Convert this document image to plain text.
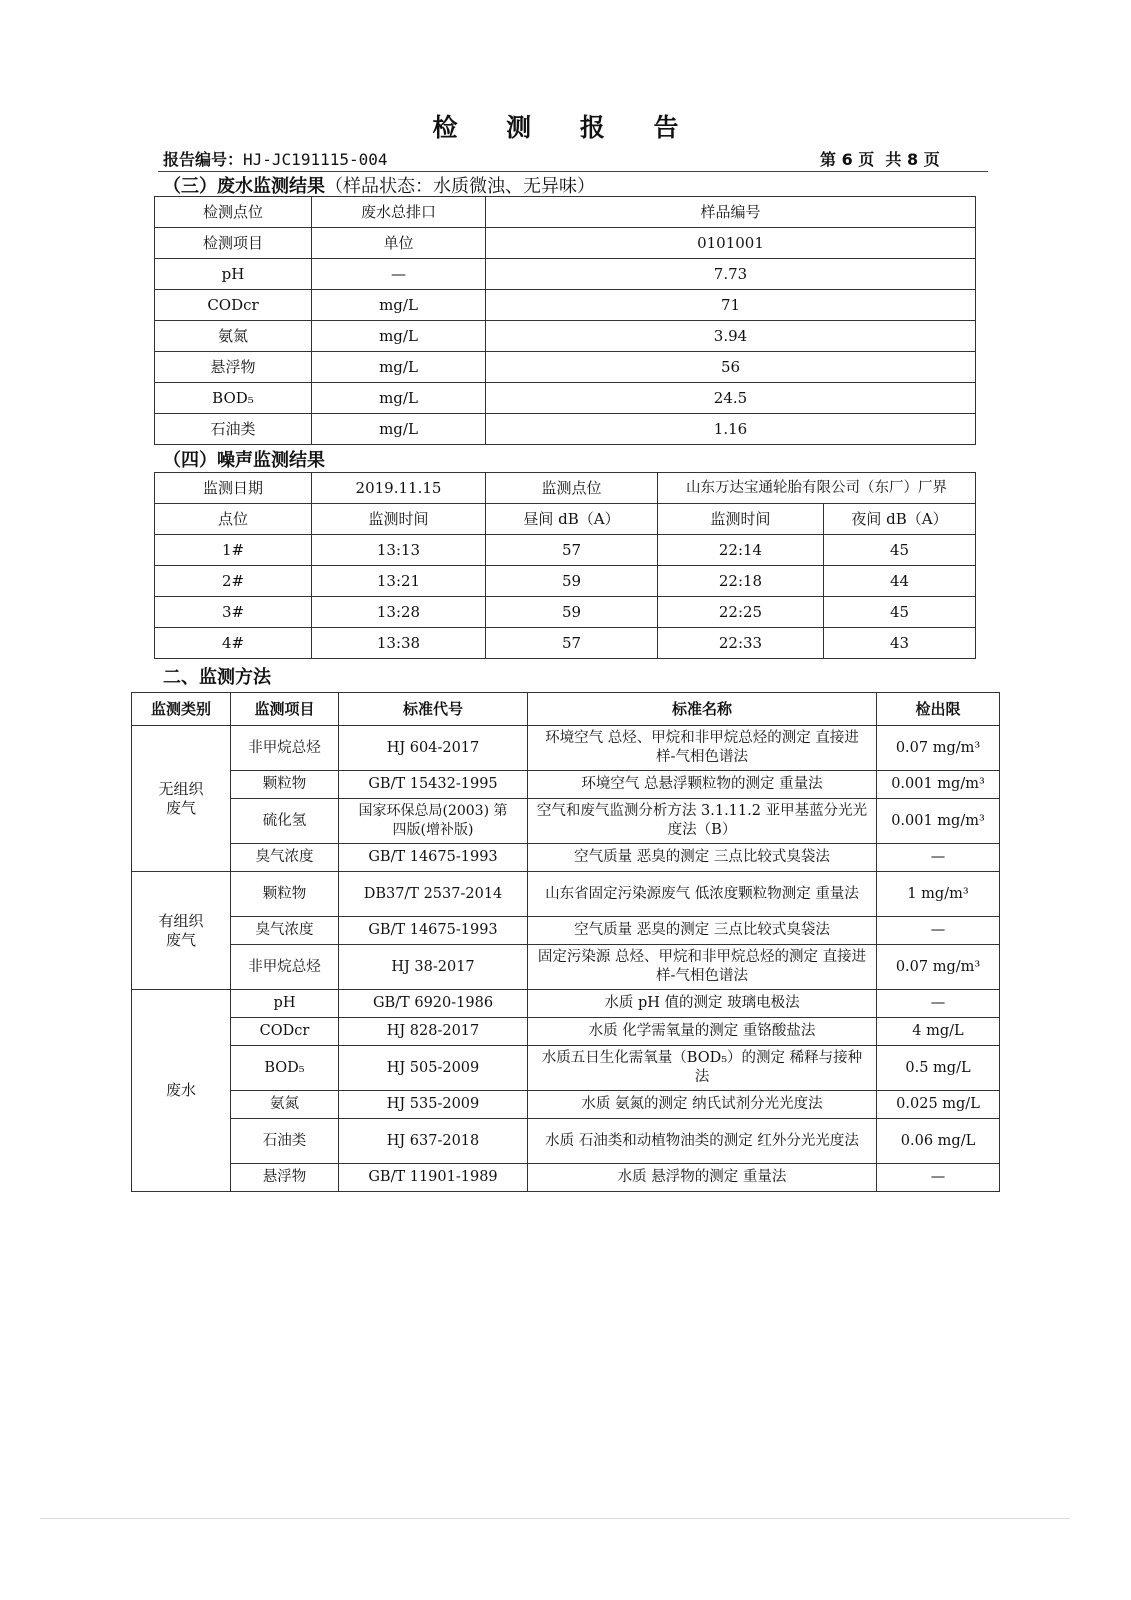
检 测 报 告
报告编号：HJ-JC191115-004	第 6 页  共 8 页
（三）废水监测结果（样品状态：水质微浊、无异味）
检测点位	废水总排口	样品编号
检测项目	单位	0101001
pH	—	7.73
CODcr	mg/L	71
氨氮	mg/L	3.94
悬浮物	mg/L	56
BOD₅	mg/L	24.5
石油类	mg/L	1.16
（四）噪声监测结果
监测日期	2019.11.15	监测点位	山东万达宝通轮胎有限公司（东厂）厂界	
点位	监测时间	昼间 dB（A）	监测时间	夜间 dB（A）
1#	13:13	57	22:14	45
2#	13:21	59	22:18	44
3#	13:28	59	22:25	45
4#	13:38	57	22:33	43
二、监测方法
监测类别	监测项目	标准代号	标准名称	检出限
无组织废气	非甲烷总烃	HJ 604-2017	环境空气 总烃、甲烷和非甲烷总烃的测定 直接进样-气相色谱法	0.07 mg/m³
	颗粒物	GB/T 15432-1995	环境空气 总悬浮颗粒物的测定 重量法	0.001 mg/m³
	硫化氢	国家环保总局(2003) 第四版(增补版)	空气和废气监测分析方法 3.1.11.2 亚甲基蓝分光光度法（B）	0.001 mg/m³
	臭气浓度	GB/T 14675-1993	空气质量 恶臭的测定 三点比较式臭袋法	—
有组织废气	颗粒物	DB37/T 2537-2014	山东省固定污染源废气 低浓度颗粒物测定 重量法	1 mg/m³
	臭气浓度	GB/T 14675-1993	空气质量 恶臭的测定 三点比较式臭袋法	—
	非甲烷总烃	HJ 38-2017	固定污染源 总烃、甲烷和非甲烷总烃的测定 直接进样-气相色谱法	0.07 mg/m³
废水	pH	GB/T 6920-1986	水质 pH 值的测定 玻璃电极法	—
	CODcr	HJ 828-2017	水质 化学需氧量的测定 重铬酸盐法	4 mg/L
	BOD₅	HJ 505-2009	水质五日生化需氧量（BOD₅）的测定 稀释与接种法	0.5 mg/L
	氨氮	HJ 535-2009	水质 氨氮的测定 纳氏试剂分光光度法	0.025 mg/L
	石油类	HJ 637-2018	水质 石油类和动植物油类的测定 红外分光光度法	0.06 mg/L
	悬浮物	GB/T 11901-1989	水质 悬浮物的测定 重量法	—
